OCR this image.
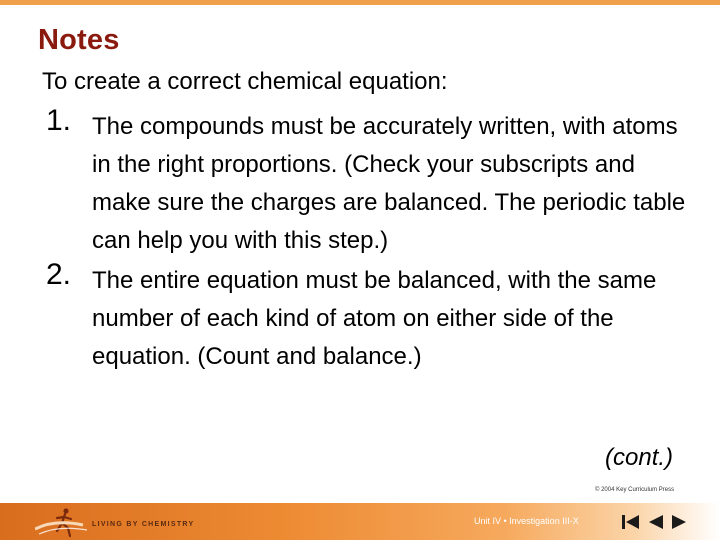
Notes
To create a correct chemical equation:
1. The compounds must be accurately written, with atoms in the right proportions. (Check your subscripts and make sure the charges are balanced. The periodic table can help you with this step.)
2. The entire equation must be balanced, with the same number of each kind of atom on either side of the equation. (Count and balance.)
(cont.)
© 2004 Key Curriculum Press
LIVING BY CHEMISTRY	Unit IV • Investigation III-X
